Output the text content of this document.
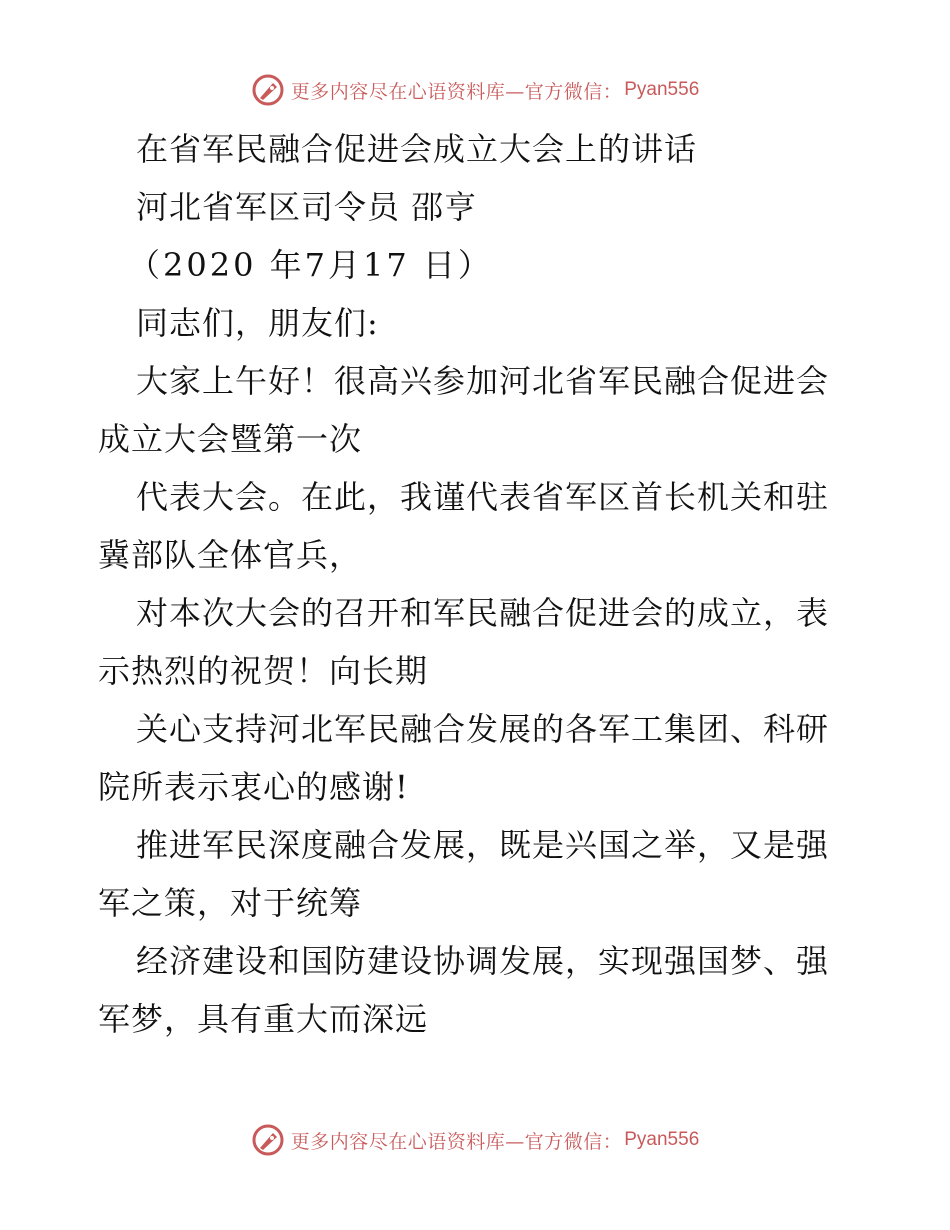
更多内容尽在心语资料库—官方微信： Pyan556
在省军民融合促进会成立大会上的讲话
河北省军区司令员 邵亨
（2020 年7月17 日）
同志们，朋友们:
大家上午好！很高兴参加河北省军民融合促进会
成立大会暨第一次
代表大会。在此，我谨代表省军区首长机关和驻
冀部队全体官兵，
对本次大会的召开和军民融合促进会的成立，表
示热烈的祝贺！向长期
关心支持河北军民融合发展的各军工集团、科研
院所表示衷心的感谢!
推进军民深度融合发展，既是兴国之举，又是强
军之策，对于统筹
经济建设和国防建设协调发展，实现强国梦、强
军梦，具有重大而深远
更多内容尽在心语资料库—官方微信： Pyan556
